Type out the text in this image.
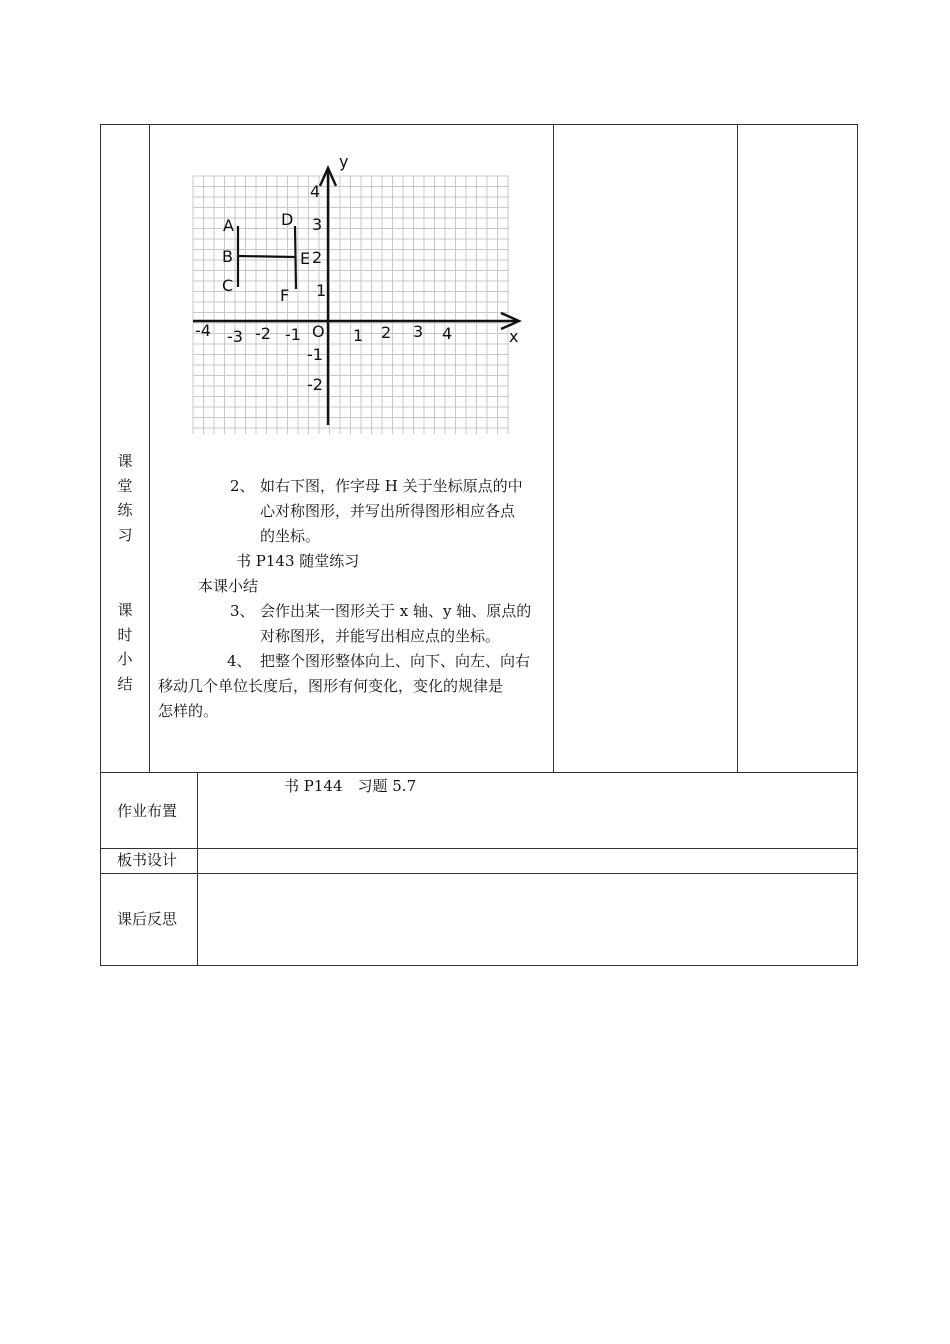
课
堂
练
习
课
时
小
结
y
x
O
-4 -3 -2 -1	1 2 3 4
4
3
2
1
-1
-2
A
B
C
D
E
F
2、 如右下图，作字母 H 关于坐标原点的中
心对称图形，并写出所得图形相应各点
的坐标。
书 P143 随堂练习
本课小结
3、 会作出某一图形关于 x 轴、y 轴、原点的
对称图形，并能写出相应点的坐标。
4、 把整个图形整体向上、向下、向左、向右
移动几个单位长度后，图形有何变化，变化的规律是
怎样的。
作业布置
书 P144　习题 5.7
板书设计
课后反思
